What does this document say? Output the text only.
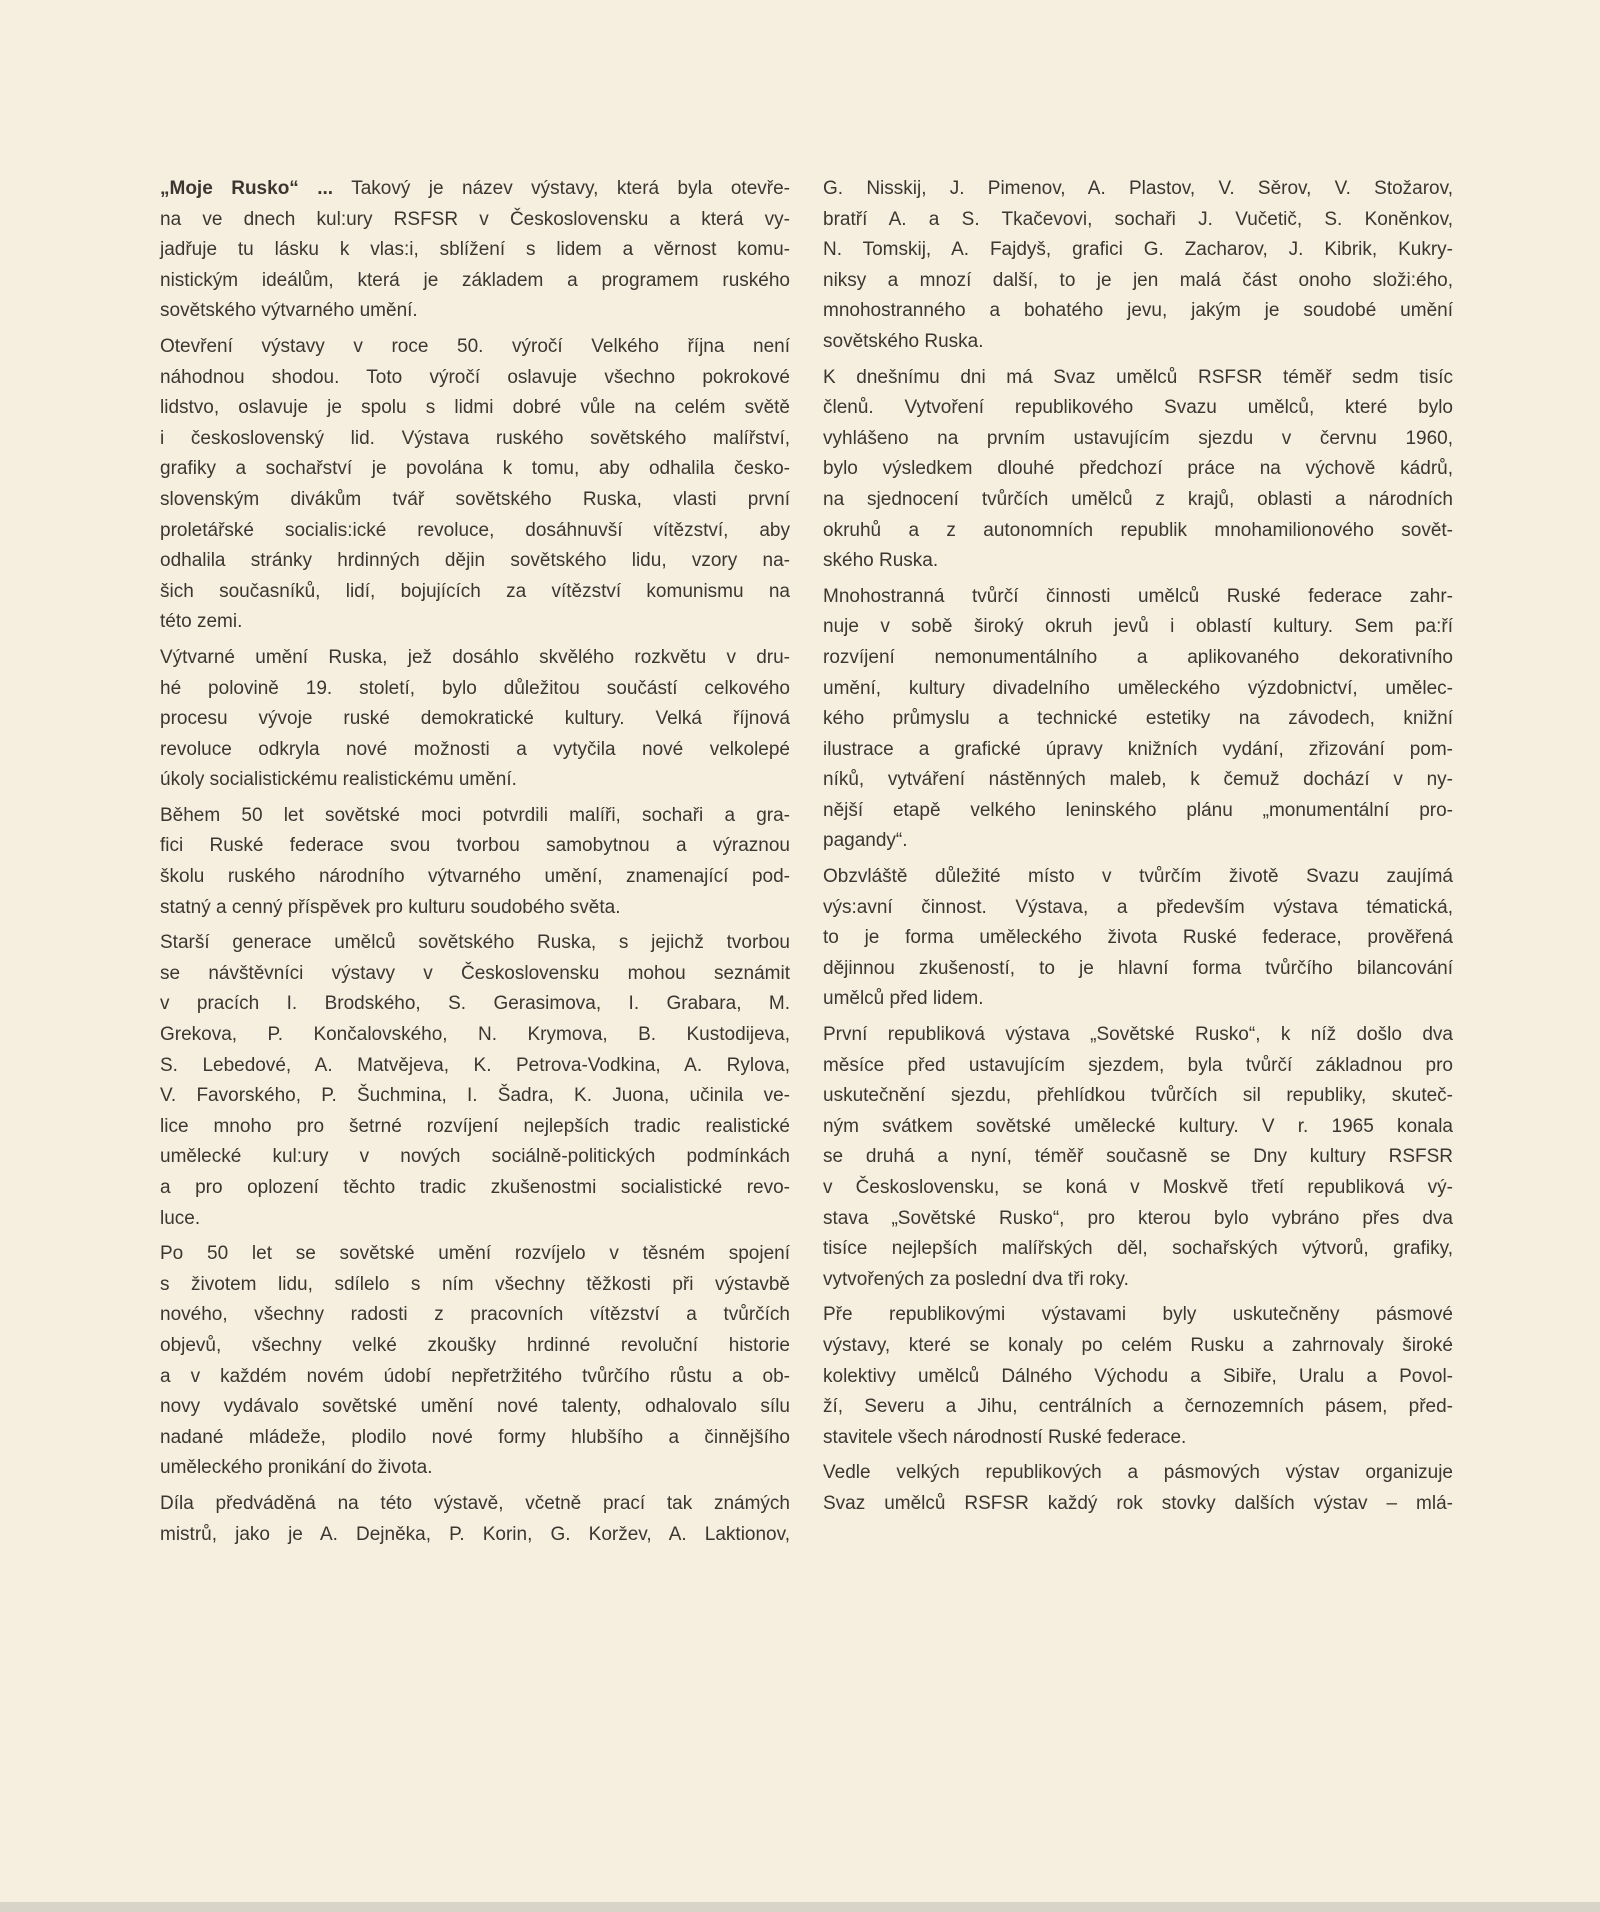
„Moje Rusko“ ... Takový je název výstavy, která byla otevře-
na ve dnech kul:ury RSFSR v Československu a která vy-
jadřuje tu lásku k vlas:i, sblížení s lidem a věrnost komu-
nistickým ideálům, která je základem a programem ruského
sovětského výtvarného umění.
Otevření výstavy v roce 50. výročí Velkého října není
náhodnou shodou. Toto výročí oslavuje všechno pokrokové
lidstvo, oslavuje je spolu s lidmi dobré vůle na celém světě
i československý lid. Výstava ruského sovětského malířství,
grafiky a sochařství je povolána k tomu, aby odhalila česko-
slovenským divákům tvář sovětského Ruska, vlasti první
proletářské socialis:ické revoluce, dosáhnuvší vítězství, aby
odhalila stránky hrdinných dějin sovětského lidu, vzory na-
šich současníků, lidí, bojujících za vítězství komunismu na
této zemi.
Výtvarné umění Ruska, jež dosáhlo skvělého rozkvětu v dru-
hé polovině 19. století, bylo důležitou součástí celkového
procesu vývoje ruské demokratické kultury. Velká říjnová
revoluce odkryla nové možnosti a vytyčila nové velkolepé
úkoly socialistickému realistickému umění.
Během 50 let sovětské moci potvrdili malíři, sochaři a gra-
fici Ruské federace svou tvorbou samobytnou a výraznou
školu ruského národního výtvarného umění, znamenající pod-
statný a cenný příspěvek pro kulturu soudobého světa.
Starší generace umělců sovětského Ruska, s jejichž tvorbou
se návštěvníci výstavy v Československu mohou seznámit
v pracích I. Brodského, S. Gerasimova, I. Grabara, M.
Grekova, P. Končalovského, N. Krymova, B. Kustodijeva,
S. Lebedové, A. Matvějeva, K. Petrova-Vodkina, A. Rylova,
V. Favorského, P. Šuchmina, I. Šadra, K. Juona, učinila ve-
lice mnoho pro šetrné rozvíjení nejlepších tradic realistické
umělecké kul:ury v nových sociálně-politických podmínkách
a pro oplození těchto tradic zkušenostmi socialistické revo-
luce.
Po 50 let se sovětské umění rozvíjelo v těsném spojení
s životem lidu, sdílelo s ním všechny těžkosti při výstavbě
nového, všechny radosti z pracovních vítězství a tvůrčích
objevů, všechny velké zkoušky hrdinné revoluční historie
a v každém novém údobí nepřetržitého tvůrčího růstu a ob-
novy vydávalo sovětské umění nové talenty, odhalovalo sílu
nadané mládeže, plodilo nové formy hlubšího a činnějšího
uměleckého pronikání do života.
Díla předváděná na této výstavě, včetně prací tak známých
mistrů, jako je A. Dejněka, P. Korin, G. Koržev, A. Laktionov,
G. Nisskij, J. Pimenov, A. Plastov, V. Sěrov, V. Stožarov,
bratří A. a S. Tkačevovi, sochaři J. Vučetič, S. Koněnkov,
N. Tomskij, A. Fajdyš, grafici G. Zacharov, J. Kibrik, Kukry-
niksy a mnozí další, to je jen malá část onoho složi:ého,
mnohostranného a bohatého jevu, jakým je soudobé umění
sovětského Ruska.
K dnešnímu dni má Svaz umělců RSFSR téměř sedm tisíc
členů. Vytvoření republikového Svazu umělců, které bylo
vyhlášeno na prvním ustavujícím sjezdu v červnu 1960,
bylo výsledkem dlouhé předchozí práce na výchově kádrů,
na sjednocení tvůrčích umělců z krajů, oblasti a národních
okruhů a z autonomních republik mnohamilionového sovět-
ského Ruska.
Mnohostranná tvůrčí činnosti umělců Ruské federace zahr-
nuje v sobě široký okruh jevů i oblastí kultury. Sem pa:ří
rozvíjení nemonumentálního a aplikovaného dekorativního
umění, kultury divadelního uměleckého výzdobnictví, umělec-
kého průmyslu a technické estetiky na závodech, knižní
ilustrace a grafické úpravy knižních vydání, zřizování pom-
níků, vytváření nástěnných maleb, k čemuž dochází v ny-
nější etapě velkého leninského plánu „monumentální pro-
pagandy“.
Obzvláště důležité místo v tvůrčím životě Svazu zaujímá
výs:avní činnost. Výstava, a především výstava tématická,
to je forma uměleckého života Ruské federace, prověřená
dějinnou zkušeností, to je hlavní forma tvůrčího bilancování
umělců před lidem.
První republiková výstava „Sovětské Rusko“, k níž došlo dva
měsíce před ustavujícím sjezdem, byla tvůrčí základnou pro
uskutečnění sjezdu, přehlídkou tvůrčích sil republiky, skuteč-
ným svátkem sovětské umělecké kultury. V r. 1965 konala
se druhá a nyní, téměř současně se Dny kultury RSFSR
v Československu, se koná v Moskvě třetí republiková vý-
stava „Sovětské Rusko“, pro kterou bylo vybráno přes dva
tisíce nejlepších malířských děl, sochařských výtvorů, grafiky,
vytvořených za poslední dva tři roky.
Pře republikovými výstavami byly uskutečněny pásmové
výstavy, které se konaly po celém Rusku a zahrnovaly široké
kolektivy umělců Dálného Východu a Sibiře, Uralu a Povol-
ží, Severu a Jihu, centrálních a černozemních pásem, před-
stavitele všech národností Ruské federace.
Vedle velkých republikových a pásmových výstav organizuje
Svaz umělců RSFSR každý rok stovky dalších výstav – mlá-
